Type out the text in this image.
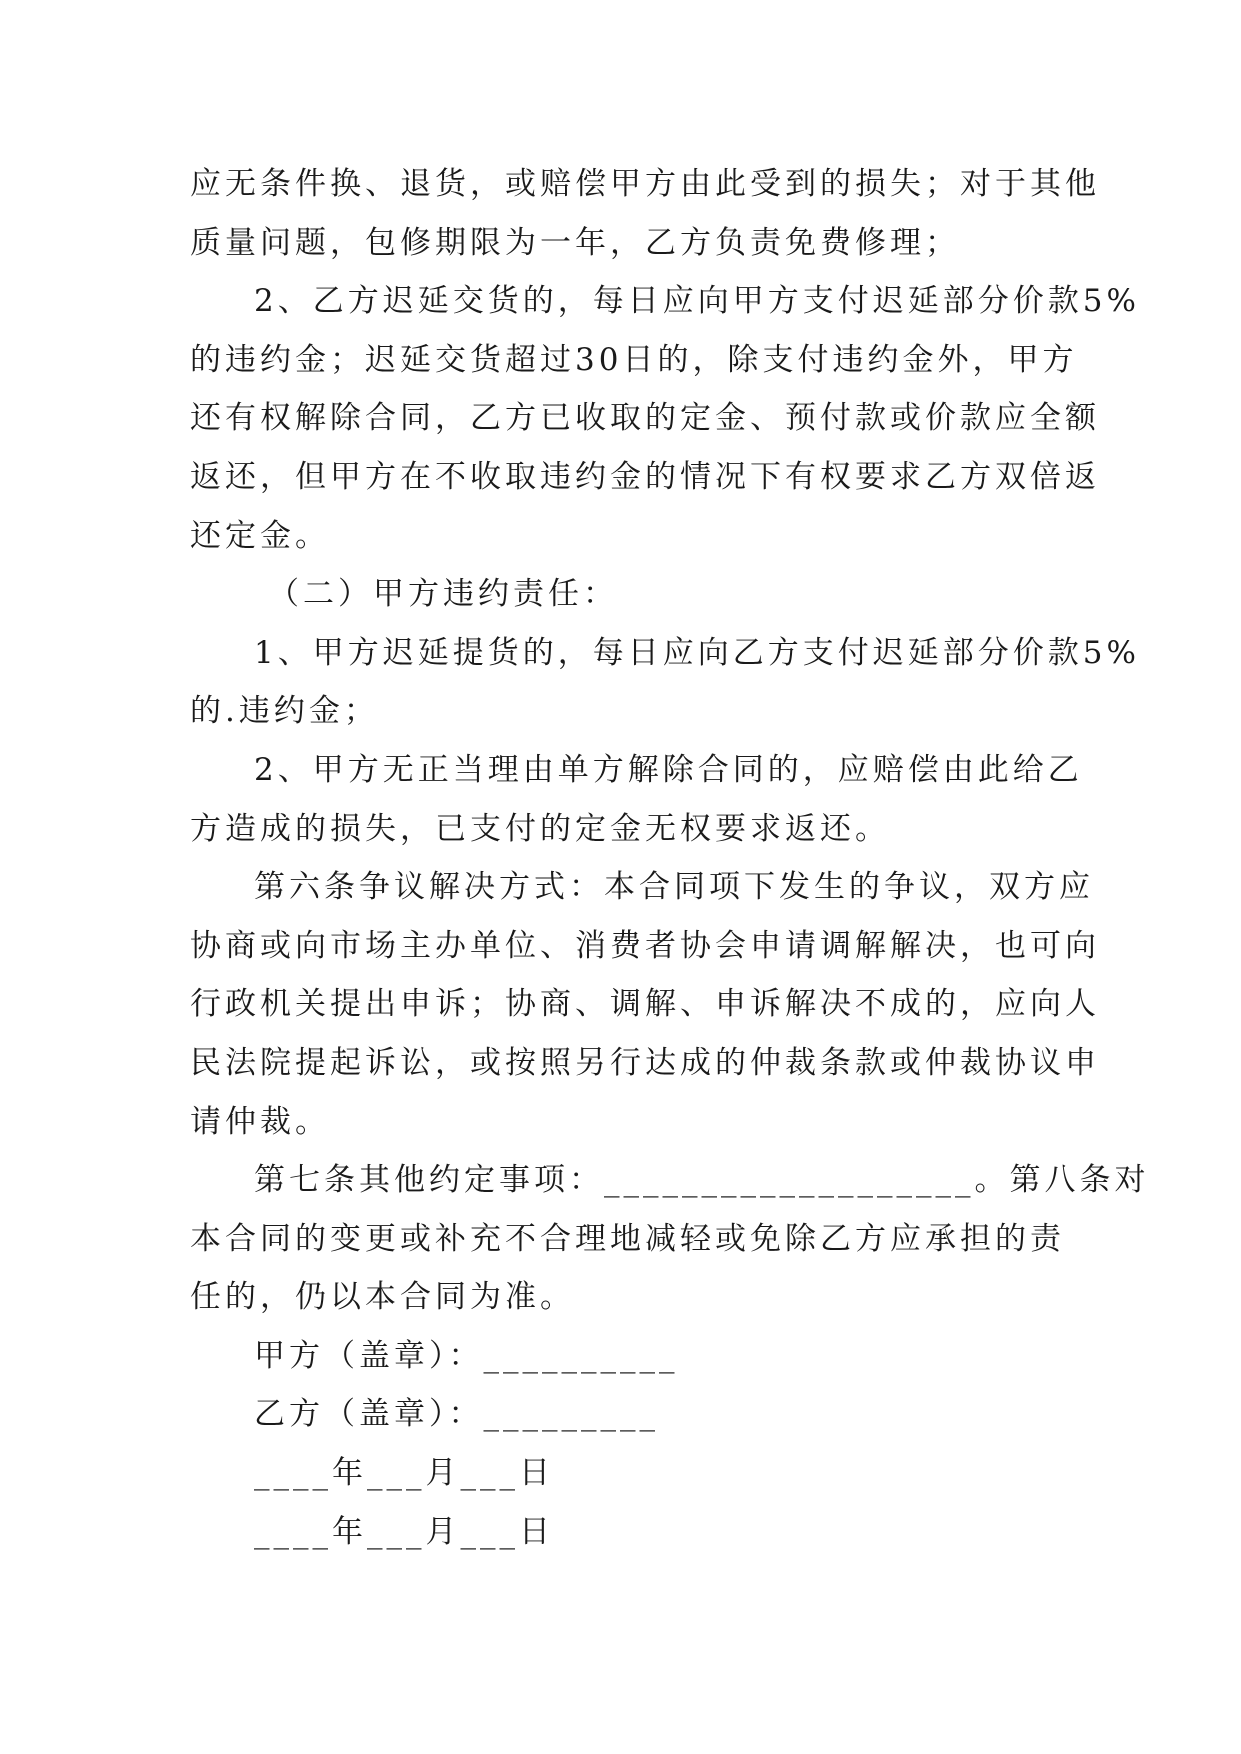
应无条件换、退货，或赔偿甲方由此受到的损失；对于其他
质量问题，包修期限为一年，乙方负责免费修理；
2、乙方迟延交货的，每日应向甲方支付迟延部分价款5%
的违约金；迟延交货超过30日的，除支付违约金外，甲方
还有权解除合同，乙方已收取的定金、预付款或价款应全额
返还，但甲方在不收取违约金的情况下有权要求乙方双倍返
还定金。
（二）甲方违约责任：
1、甲方迟延提货的，每日应向乙方支付迟延部分价款5%
的.违约金；
2、甲方无正当理由单方解除合同的，应赔偿由此给乙
方造成的损失，已支付的定金无权要求返还。
第六条争议解决方式：本合同项下发生的争议，双方应
协商或向市场主办单位、消费者协会申请调解解决，也可向
行政机关提出申诉；协商、调解、申诉解决不成的，应向人
民法院提起诉讼，或按照另行达成的仲裁条款或仲裁协议申
请仲裁。
第七条其他约定事项：___________________。第八条对
本合同的变更或补充不合理地减轻或免除乙方应承担的责
任的，仍以本合同为准。
甲方（盖章）：__________
乙方（盖章）：_________
____年___月___日
____年___月___日
